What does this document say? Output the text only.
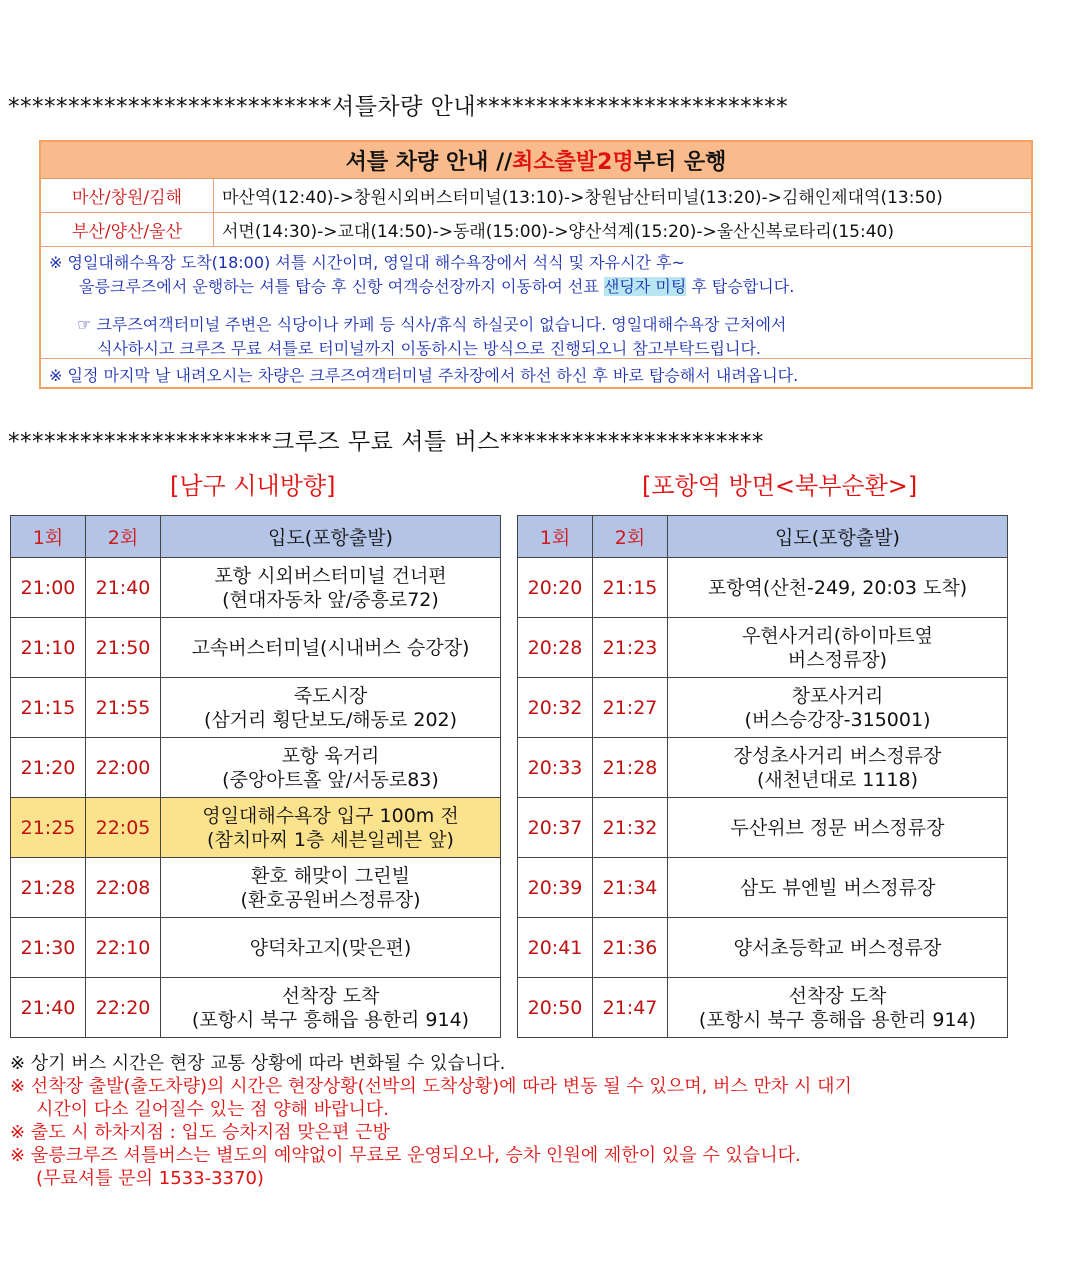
***************************셔틀차량 안내**************************
셔틀 차량 안내 // 최소출발2명 부터 운행
마산/창원/김해	마산역(12:40)->창원시외버스터미널(13:10)->창원남산터미널(13:20)->김해인제대역(13:50)
부산/양산/울산	서면(14:30)->교대(14:50)->동래(15:00)->양산석계(15:20)->울산신복로타리(15:40)
※ 영일대해수욕장 도착(18:00) 셔틀 시간이며, 영일대 해수욕장에서 석식 및 자유시간 후~
울릉크루즈에서 운행하는 셔틀 탑승 후 신항 여객승선장까지 이동하여 선표 샌딩자 미팅 후 탑승합니다.
☞ 크루즈여객터미널 주변은 식당이나 카페 등 식사/휴식 하실곳이 없습니다. 영일대해수욕장 근처에서
식사하시고 크루즈 무료 셔틀로 터미널까지 이동하시는 방식으로 진행되오니 참고부탁드립니다.
※ 일정 마지막 날 내려오시는 차량은 크루즈여객터미널 주차장에서 하선 하신 후 바로 탑승해서 내려옵니다.
**********************크루즈 무료 셔틀 버스**********************
[남구 시내방향]	[포항역 방면<북부순환>]
1회	2회	입도(포항출발)
21:00	21:40	포항 시외버스터미널 건너편
(현대자동차 앞/중흥로72)

21:10	21:50	고속버스터미널(시내버스 승강장)

21:15	21:55	죽도시장
(삼거리 횡단보도/해동로 202)

21:20	22:00	포항 육거리
(중앙아트홀 앞/서동로83)

21:25	22:05	영일대해수욕장 입구 100m 전
(참치마찌 1층 세븐일레븐 앞)

21:28	22:08	환호 해맞이 그린빌
(환호공원버스정류장)

21:30	22:10	양덕차고지(맞은편)

21:40	22:20	선착장 도착
(포항시 북구 흥해읍 용한리 914)
1회	2회	입도(포항출발)
20:20	21:15	포항역(산천-249, 20:03 도착)

20:28	21:23	우현사거리(하이마트옆
버스정류장)

20:32	21:27	창포사거리
(버스승강장-315001)

20:33	21:28	장성초사거리 버스정류장
(새천년대로 1118)

20:37	21:32	두산위브 정문 버스정류장

20:39	21:34	삼도 뷰엔빌 버스정류장

20:41	21:36	양서초등학교 버스정류장

20:50	21:47	선착장 도착
(포항시 북구 흥해읍 용한리 914)
※ 상기 버스 시간은 현장 교통 상황에 따라 변화될 수 있습니다.
※ 선착장 출발(출도차량)의 시간은 현장상황(선박의 도착상황)에 따라 변동 될 수 있으며, 버스 만차 시 대기
시간이 다소 길어질수 있는 점 양해 바랍니다.
※ 출도 시 하차지점 : 입도 승차지점 맞은편 근방
※ 울릉크루즈 셔틀버스는 별도의 예약없이 무료로 운영되오나, 승차 인원에 제한이 있을 수 있습니다.
(무료셔틀 문의 1533-3370)
